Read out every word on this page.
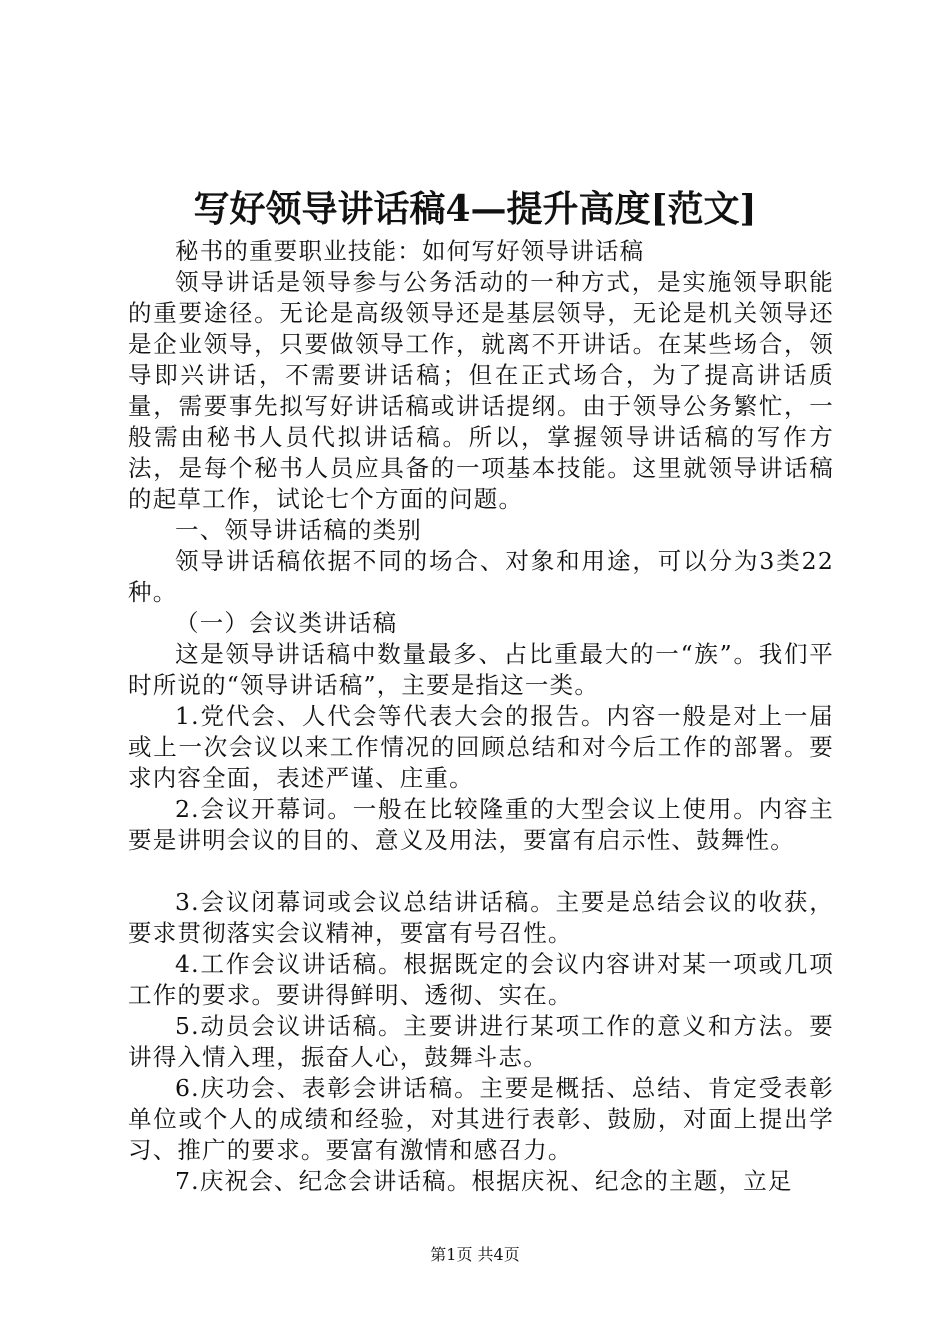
写好领导讲话稿4—提升高度[范文]

秘书的重要职业技能：如何写好领导讲话稿

领导讲话是领导参与公务活动的一种方式，是实施领导职能的重要途径。无论是高级领导还是基层领导，无论是机关领导还是企业领导，只要做领导工作，就离不开讲话。在某些场合，领导即兴讲话，不需要讲话稿；但在正式场合，为了提高讲话质量，需要事先拟写好讲话稿或讲话提纲。由于领导公务繁忙，一般需由秘书人员代拟讲话稿。所以，掌握领导讲话稿的写作方法，是每个秘书人员应具备的一项基本技能。这里就领导讲话稿的起草工作，试论七个方面的问题。

一、领导讲话稿的类别

领导讲话稿依据不同的场合、对象和用途，可以分为3类22种。

（一）会议类讲话稿

这是领导讲话稿中数量最多、占比重最大的一“族”。我们平时所说的“领导讲话稿”，主要是指这一类。

1.党代会、人代会等代表大会的报告。内容一般是对上一届或上一次会议以来工作情况的回顾总结和对今后工作的部署。要求内容全面，表述严谨、庄重。

2.会议开幕词。一般在比较隆重的大型会议上使用。内容主要是讲明会议的目的、意义及用法，要富有启示性、鼓舞性。

3.会议闭幕词或会议总结讲话稿。主要是总结会议的收获，要求贯彻落实会议精神，要富有号召性。

4.工作会议讲话稿。根据既定的会议内容讲对某一项或几项工作的要求。要讲得鲜明、透彻、实在。

5.动员会议讲话稿。主要讲进行某项工作的意义和方法。要讲得入情入理，振奋人心，鼓舞斗志。

6.庆功会、表彰会讲话稿。主要是概括、总结、肯定受表彰单位或个人的成绩和经验，对其进行表彰、鼓励，对面上提出学习、推广的要求。要富有激情和感召力。

7.庆祝会、纪念会讲话稿。根据庆祝、纪念的主题，立足

第1页 共4页
